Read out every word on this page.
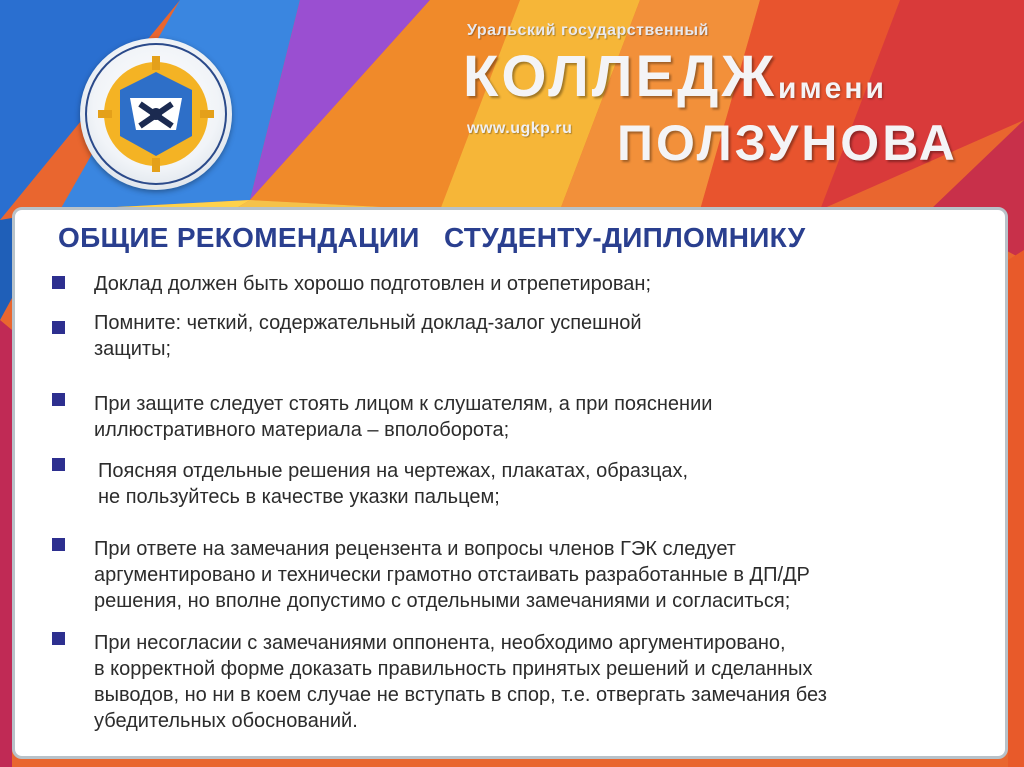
Уральский государственный
КОЛЛЕДЖ имени
www.ugkp.ru ПОЛЗУНОВА
ОБЩИЕ РЕКОМЕНДАЦИИ   СТУДЕНТУ-ДИПЛОМНИКУ
Доклад должен быть хорошо подготовлен и отрепетирован;
Помните: четкий, содержательный доклад-залог успешной
защиты;
При защите следует стоять лицом к слушателям, а при пояснении
иллюстративного материала – вполоборота;
Поясняя отдельные решения на чертежах, плакатах, образцах,
не пользуйтесь в качестве указки пальцем;
При ответе на замечания рецензента и вопросы членов ГЭК следует
аргументировано и технически грамотно отстаивать разработанные в ДП/ДР
решения, но вполне допустимо с отдельными замечаниями и согласиться;
При несогласии с замечаниями оппонента, необходимо аргументировано,
в корректной форме доказать правильность принятых решений и сделанных
выводов, но ни в коем случае не вступать в спор, т.е. отвергать замечания без
убедительных обоснований.
